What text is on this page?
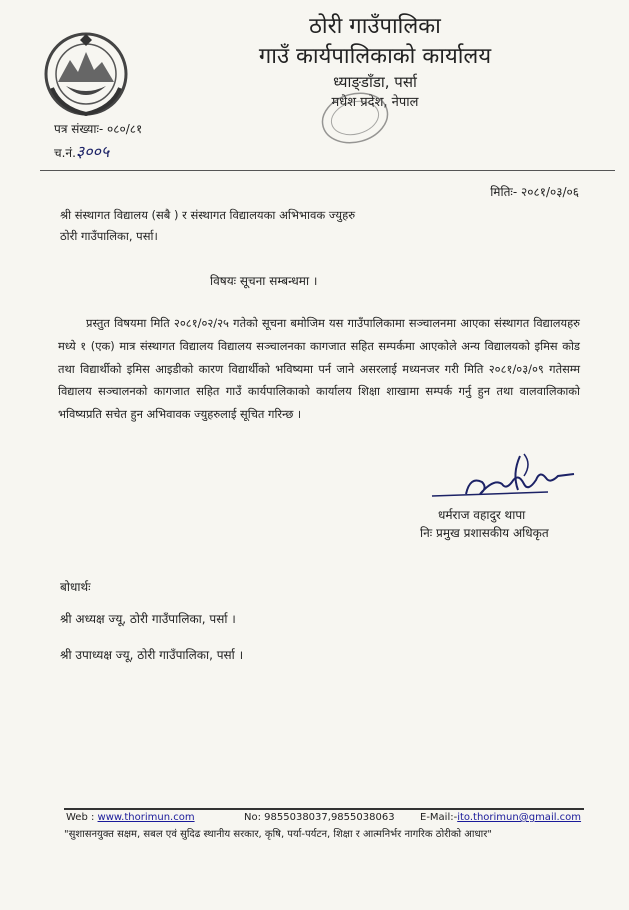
ठोरी गाउँपालिका
गाउँ कार्यपालिकाको कार्यालय
ध्याङ्डाँडा, पर्सा
मधेश प्रदेश, नेपाल
पत्र संख्याः- ०८०/८१
च.नं.३००५
मितिः- २०८१/०३/०६
श्री संस्थागत विद्यालय (सबै ) र संस्थागत विद्यालयका अभिभावक ज्युहरु
ठोरी गाउँपालिका, पर्सा।
विषयः सूचना सम्बन्धमा ।
प्रस्तुत विषयमा मिति २०८१/०२/२५ गतेको सूचना बमोजिम यस गाउँपालिकामा सञ्चालनमा आएका संस्थागत विद्यालयहरु मध्ये १ (एक) मात्र संस्थागत विद्यालय विद्यालय सञ्चालनका कागजात सहित सम्पर्कमा आएकोले अन्य विद्यालयको इमिस कोड तथा विद्यार्थीको इमिस आइडीको कारण विद्यार्थीको भविष्यमा पर्न जाने असरलाई मध्यनजर गरी मिति २०८१/०३/०९ गतेसम्म विद्यालय सञ्चालनको कागजात सहित गाउँ कार्यपालिकाको कार्यालय शिक्षा शाखामा सम्पर्क गर्नु हुन तथा वालवालिकाको भविष्यप्रति सचेत हुन अभिवावक ज्युहरुलाई सूचित गरिन्छ ।
धर्मराज वहादुर थापा
निः प्रमुख प्रशासकीय अधिकृत
बोधार्थः
श्री अध्यक्ष ज्यू, ठोरी गाउँपालिका, पर्सा ।
श्री उपाध्यक्ष ज्यू, ठोरी गाउँपालिका, पर्सा ।
Web : www.thorimun.com	No: 9855038037,9855038063	E-Mail:-ito.thorimun@gmail.com
"सुशासनयुक्त सक्षम, सबल एवं सुदिढ स्थानीय सरकार, कृषि, पर्या-पर्यटन, शिक्षा र आत्मनिर्भर नागरिक ठोरीको आधार"
